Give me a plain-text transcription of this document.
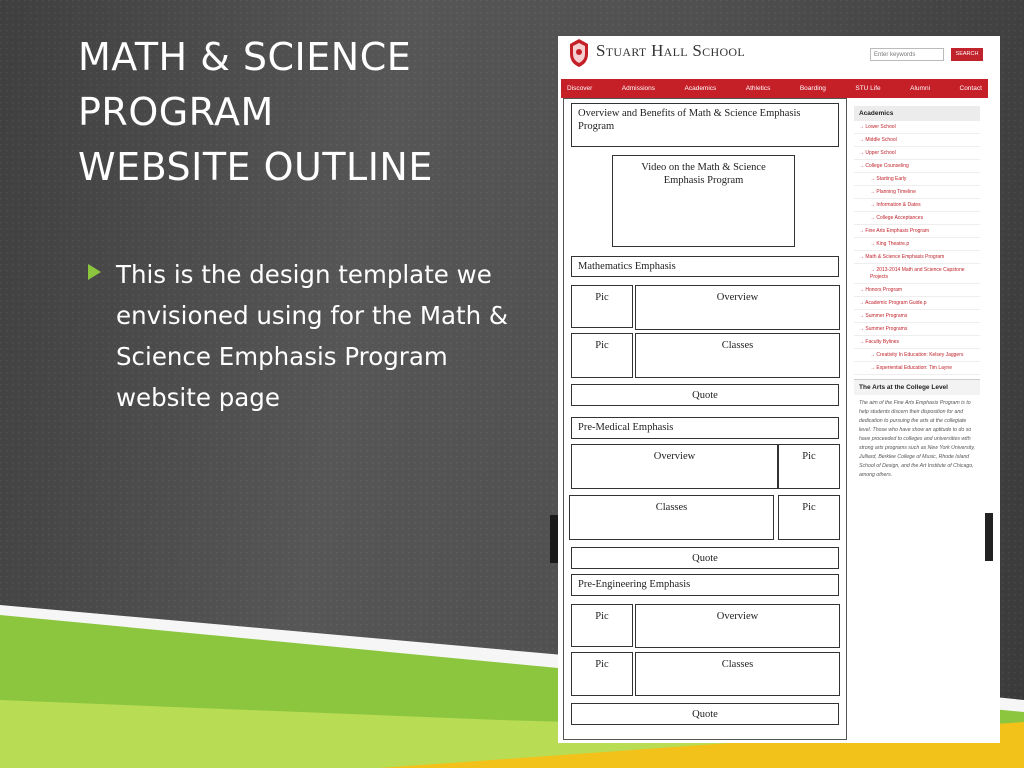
MATH & SCIENCE
PROGRAM
WEBSITE OUTLINE
This is the design template we envisioned using for the Math & Science Emphasis Program website page
Stuart Hall School	Enter keywords	SEARCH
Discover	Admissions	Academics	Athletics	Boarding	STU Life	Alumni	Contact
Overview and Benefits of Math & Science Emphasis Program
Video on the Math & Science Emphasis Program
Mathematics Emphasis
Pic	Overview
Pic	Classes
Quote
Pre-Medical Emphasis
Overview	Pic
Classes	Pic
Quote
Pre-Engineering Emphasis
Pic	Overview
Pic	Classes
Quote
Academics
→ Lower School
→ Middle School
→ Upper School
→ College Counseling
→ Starting Early
→ Planning Timeline
→ Information & Dates
→ College Acceptances
→ Fine Arts Emphasis Program
→ King Theatre.p
→ Math & Science Emphasis Program
→ 2013-2014 Math and Science Capstone Projects
→ Honors Program
→ Academic Program Guide.p
→ Summer Programs
→ Summer Programs
→ Faculty Bylines
→ Creativity In Education: Kelsey Jaggers
→ Experiential Education: Tim Layne
The Arts at the College Level
The aim of the Fine Arts Emphasis Program is to help students discern their disposition for and dedication to pursuing the arts at the collegiate level. Those who have show an aptitude to do so have proceeded to colleges and universities with strong arts programs such as New York University, Julliard, Berklee College of Music, Rhode Island School of Design, and the Art Institute of Chicago, among others.
